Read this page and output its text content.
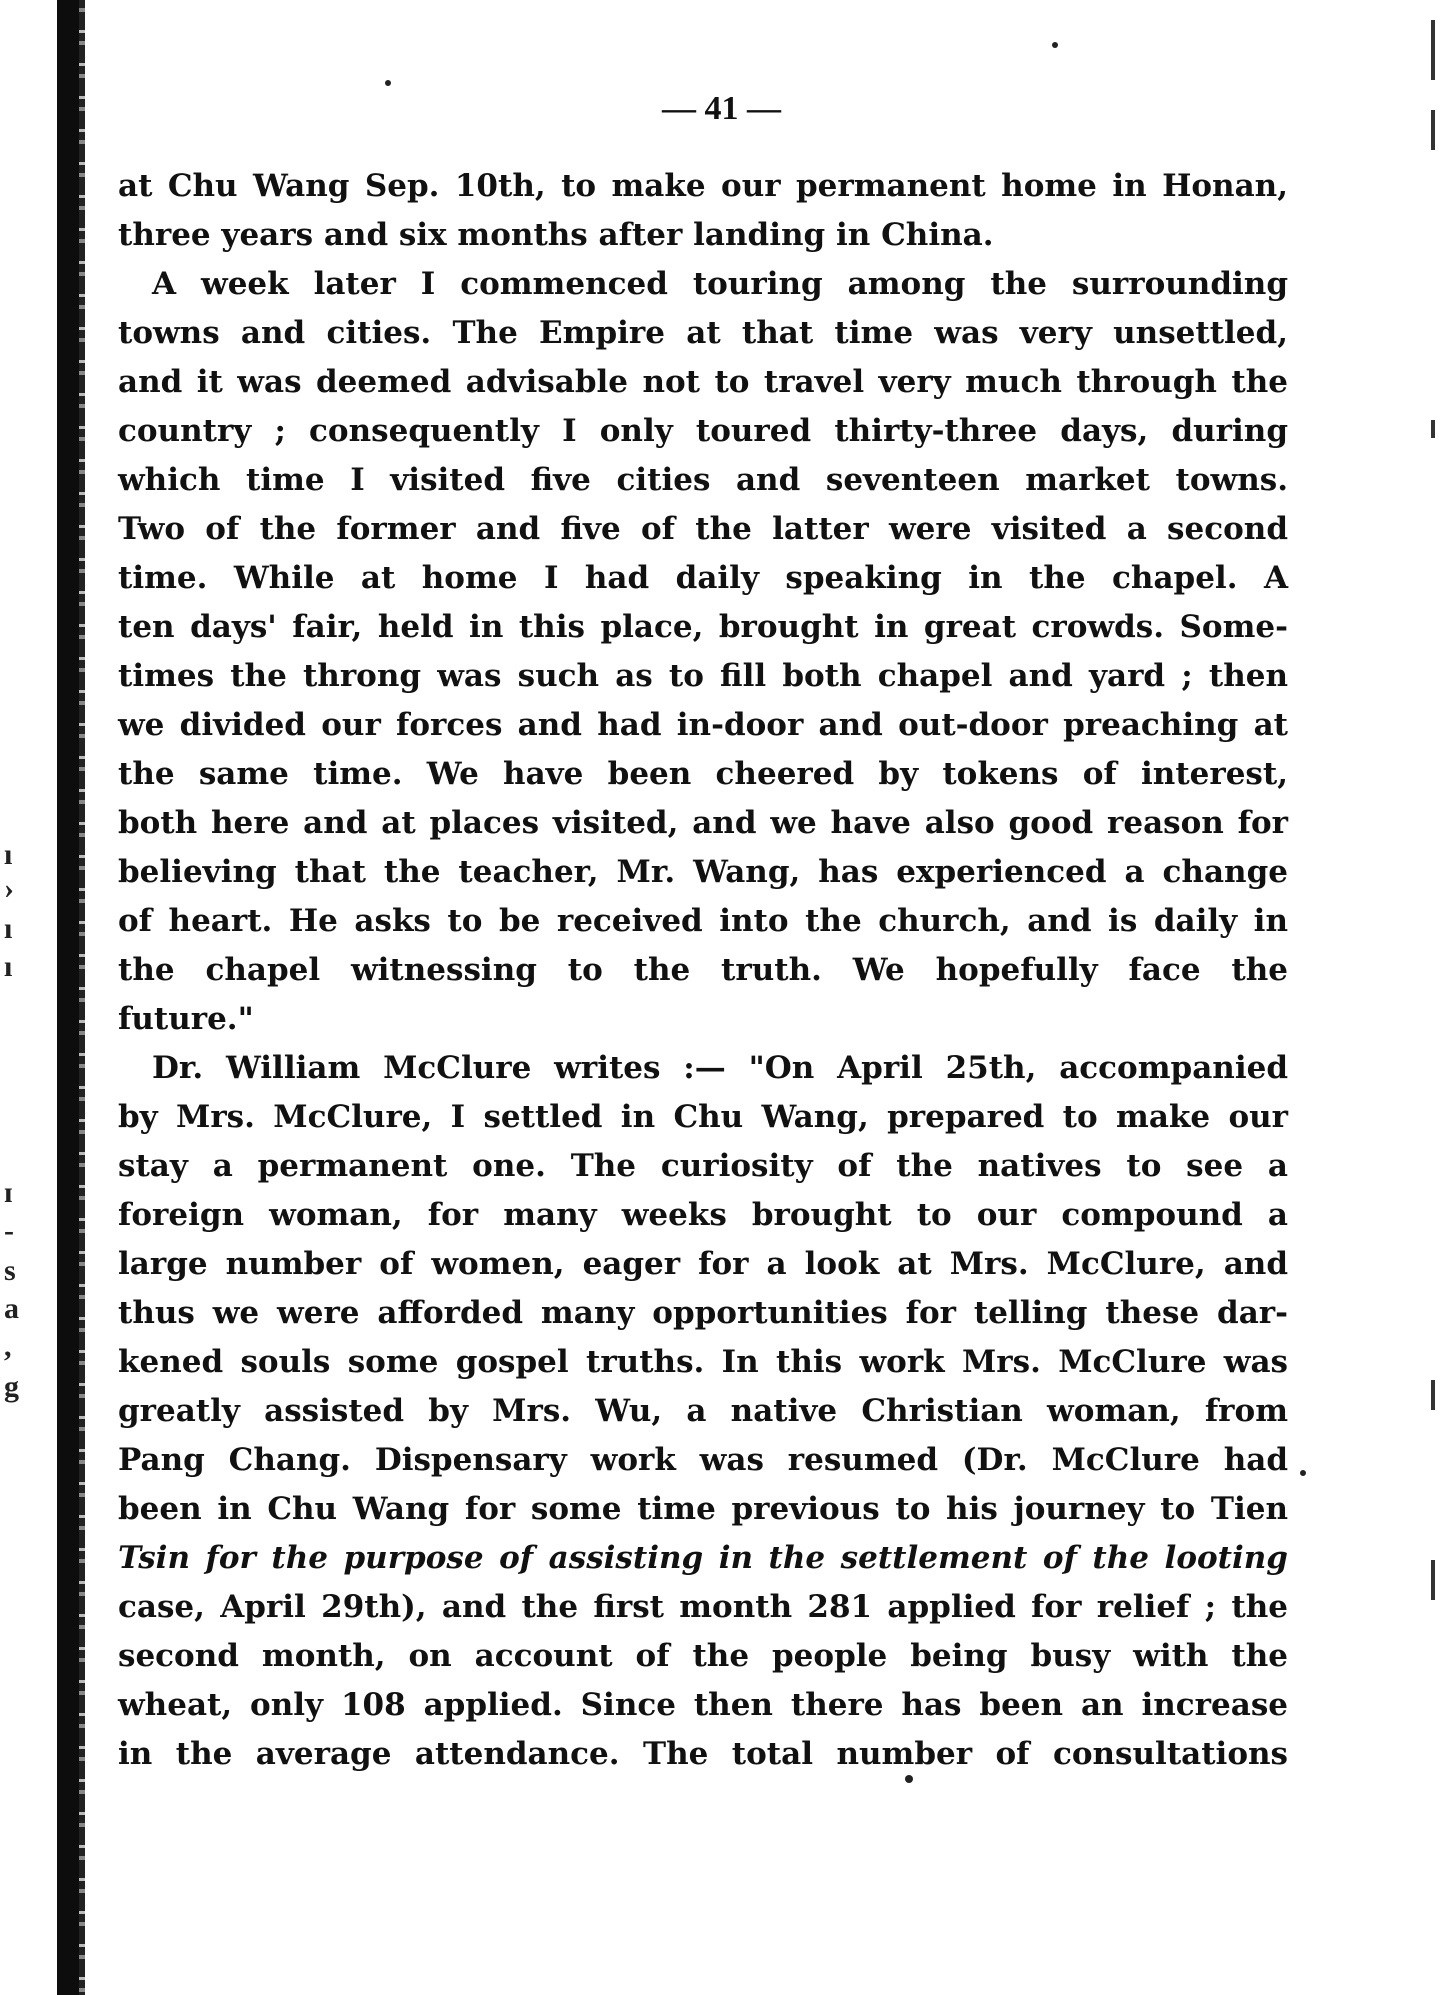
ı
›
ı
ı
ɪ
-
s
a
,
g
— 41 —
at Chu Wang Sep. 10th, to make our permanent home in Honan,
three years and six months after landing in China.
A week later I commenced touring among the surrounding
towns and cities. The Empire at that time was very unsettled,
and it was deemed advisable not to travel very much through the
country ; consequently I only toured thirty-three days, during
which time I visited five cities and seventeen market towns.
Two of the former and five of the latter were visited a second
time. While at home I had daily speaking in the chapel. A
ten days' fair, held in this place, brought in great crowds. Some-
times the throng was such as to fill both chapel and yard ; then
we divided our forces and had in-door and out-door preaching at
the same time. We have been cheered by tokens of interest,
both here and at places visited, and we have also good reason for
believing that the teacher, Mr. Wang, has experienced a change
of heart. He asks to be received into the church, and is daily in
the chapel witnessing to the truth. We hopefully face the
future."
Dr. William McClure writes :— "On April 25th, accompanied
by Mrs. McClure, I settled in Chu Wang, prepared to make our
stay a permanent one. The curiosity of the natives to see a
foreign woman, for many weeks brought to our compound a
large number of women, eager for a look at Mrs. McClure, and
thus we were afforded many opportunities for telling these dar-
kened souls some gospel truths. In this work Mrs. McClure was
greatly assisted by Mrs. Wu, a native Christian woman, from
Pang Chang. Dispensary work was resumed (Dr. McClure had
been in Chu Wang for some time previous to his journey to Tien
Tsin for the purpose of assisting in the settlement of the looting
case, April 29th), and the first month 281 applied for relief ; the
second month, on account of the people being busy with the
wheat, only 108 applied. Since then there has been an increase
in the average attendance. The total number of consultations
